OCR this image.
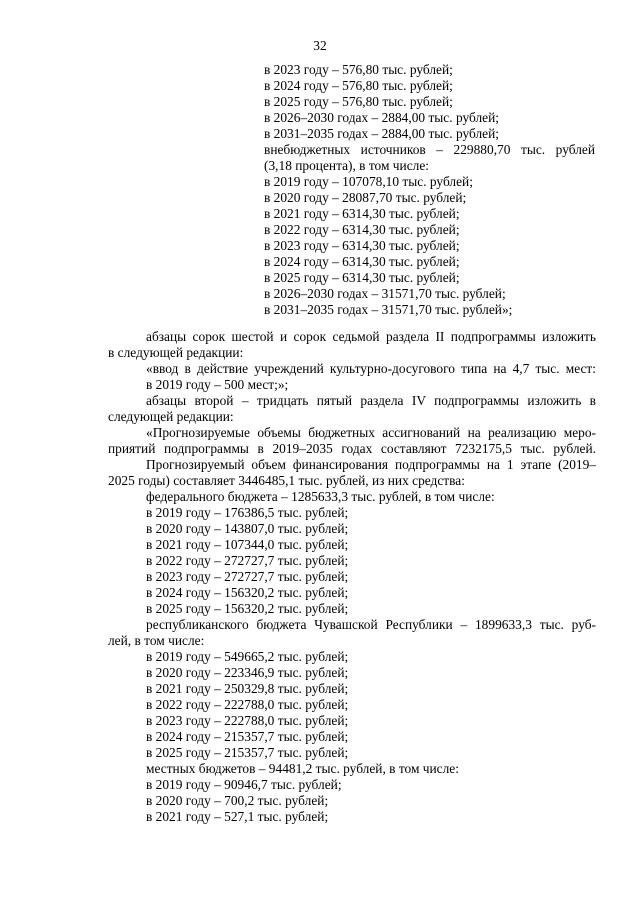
32
в 2023 году – 576,80 тыс. рублей;
в 2024 году – 576,80 тыс. рублей;
в 2025 году – 576,80 тыс. рублей;
в 2026–2030 годах – 2884,00 тыс. рублей;
в 2031–2035 годах – 2884,00 тыс. рублей;
внебюджетных источников – 229880,70 тыс. рублей
(3,18 процента), в том числе:
в 2019 году – 107078,10 тыс. рублей;
в 2020 году – 28087,70 тыс. рублей;
в 2021 году – 6314,30 тыс. рублей;
в 2022 году – 6314,30 тыс. рублей;
в 2023 году – 6314,30 тыс. рублей;
в 2024 году – 6314,30 тыс. рублей;
в 2025 году – 6314,30 тыс. рублей;
в 2026–2030 годах – 31571,70 тыс. рублей;
в 2031–2035 годах – 31571,70 тыс. рублей»;
абзацы сорок шестой и сорок седьмой раздела II подпрограммы изложить
в следующей редакции:
«ввод в действие учреждений культурно-досугового типа на 4,7 тыс. мест:
в 2019 году – 500 мест;»;
абзацы второй – тридцать пятый раздела IV подпрограммы изложить в
следующей редакции:
«Прогнозируемые объемы бюджетных ассигнований на реализацию меро-
приятий подпрограммы в 2019–2035 годах составляют 7232175,5 тыс. рублей.
Прогнозируемый объем финансирования подпрограммы на 1 этапе (2019–
2025 годы) составляет 3446485,1 тыс. рублей, из них средства:
федерального бюджета – 1285633,3 тыс. рублей, в том числе:
в 2019 году – 176386,5 тыс. рублей;
в 2020 году – 143807,0 тыс. рублей;
в 2021 году – 107344,0 тыс. рублей;
в 2022 году – 272727,7 тыс. рублей;
в 2023 году – 272727,7 тыс. рублей;
в 2024 году – 156320,2 тыс. рублей;
в 2025 году – 156320,2 тыс. рублей;
республиканского бюджета Чувашской Республики – 1899633,3 тыс. руб-
лей, в том числе:
в 2019 году – 549665,2 тыс. рублей;
в 2020 году – 223346,9 тыс. рублей;
в 2021 году – 250329,8 тыс. рублей;
в 2022 году – 222788,0 тыс. рублей;
в 2023 году – 222788,0 тыс. рублей;
в 2024 году – 215357,7 тыс. рублей;
в 2025 году – 215357,7 тыс. рублей;
местных бюджетов – 94481,2 тыс. рублей, в том числе:
в 2019 году – 90946,7 тыс. рублей;
в 2020 году – 700,2 тыс. рублей;
в 2021 году – 527,1 тыс. рублей;
